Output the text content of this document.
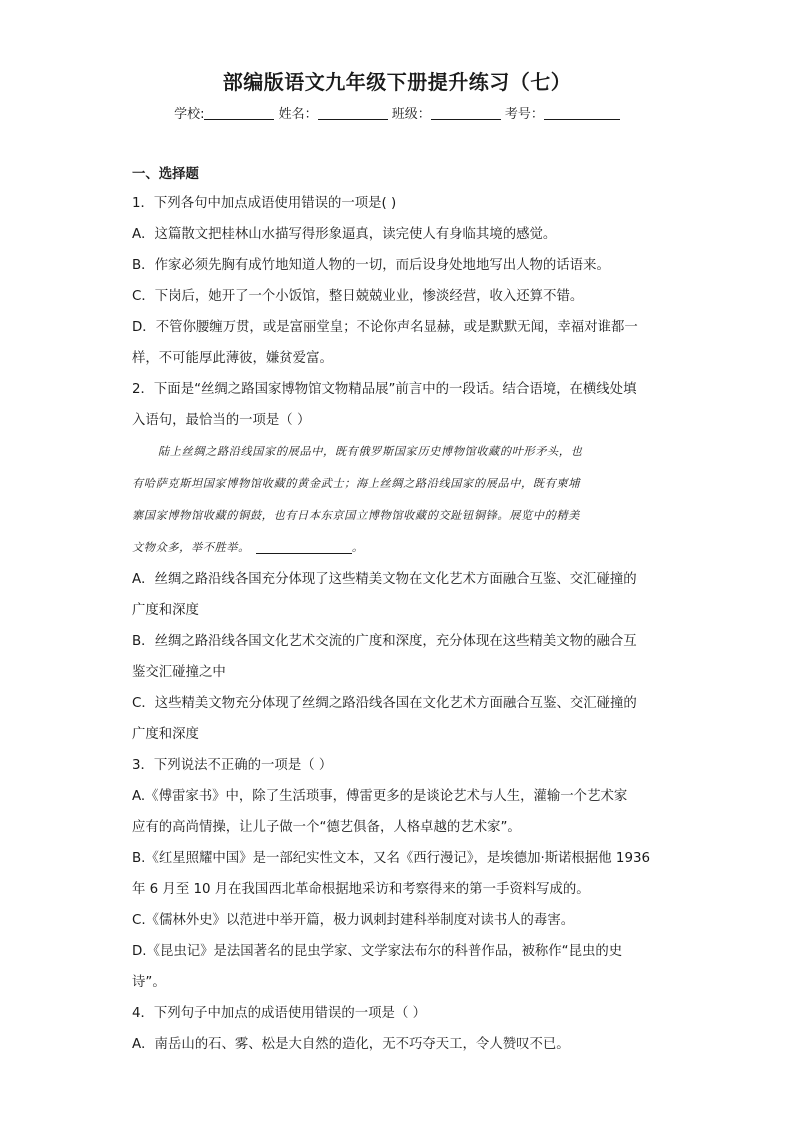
部编版语文九年级下册提升练习（七）
学校:	姓名：	班级：	考号：
一、选择题
1．下列各句中加点成语使用错误的一项是( )
A．这篇散文把桂林山水描写得形象逼真，读完使人有身临其境的感觉。
B．作家必须先胸有成竹地知道人物的一切，而后设身处地地写出人物的话语来。
C．下岗后，她开了一个小饭馆，整日兢兢业业，惨淡经营，收入还算不错。
D．不管你腰缠万贯，或是富丽堂皇；不论你声名显赫，或是默默无闻，幸福对谁都一
样，不可能厚此薄彼，嫌贫爱富。
2．下面是“丝绸之路国家博物馆文物精品展”前言中的一段话。结合语境，在横线处填
入语句，最恰当的一项是（ ）
陆上丝绸之路沿线国家的展品中，既有俄罗斯国家历史博物馆收藏的叶形矛头，也
有哈萨克斯坦国家博物馆收藏的黄金武士；海上丝绸之路沿线国家的展品中，既有柬埔
寨国家博物馆收藏的铜鼓，也有日本东京国立博物馆收藏的交趾钮铜锋。展览中的精美
文物众多，举不胜举。	。
A．丝绸之路沿线各国充分体现了这些精美文物在文化艺术方面融合互鉴、交汇碰撞的
广度和深度
B．丝绸之路沿线各国文化艺术交流的广度和深度，充分体现在这些精美文物的融合互
鉴交汇碰撞之中
C．这些精美文物充分体现了丝绸之路沿线各国在文化艺术方面融合互鉴、交汇碰撞的
广度和深度
3．下列说法不正确的一项是（ ）
A.《傅雷家书》中，除了生活琐事，傅雷更多的是谈论艺术与人生，灌输一个艺术家
应有的高尚情操，让儿子做一个“德艺俱备，人格卓越的艺术家”。
B.《红星照耀中国》是一部纪实性文本，又名《西行漫记》，是埃德加·斯诺根据他 1936
年 6 月至 10 月在我国西北革命根据地采访和考察得来的第一手资料写成的。
C.《儒林外史》以范进中举开篇，极力讽刺封建科举制度对读书人的毒害。
D.《昆虫记》是法国著名的昆虫学家、文学家法布尔的科普作品，被称作“昆虫的史
诗”。
4．下列句子中加点的成语使用错误的一项是（ ）
A．南岳山的石、雾、松是大自然的造化，无不巧夺天工，令人赞叹不已。
